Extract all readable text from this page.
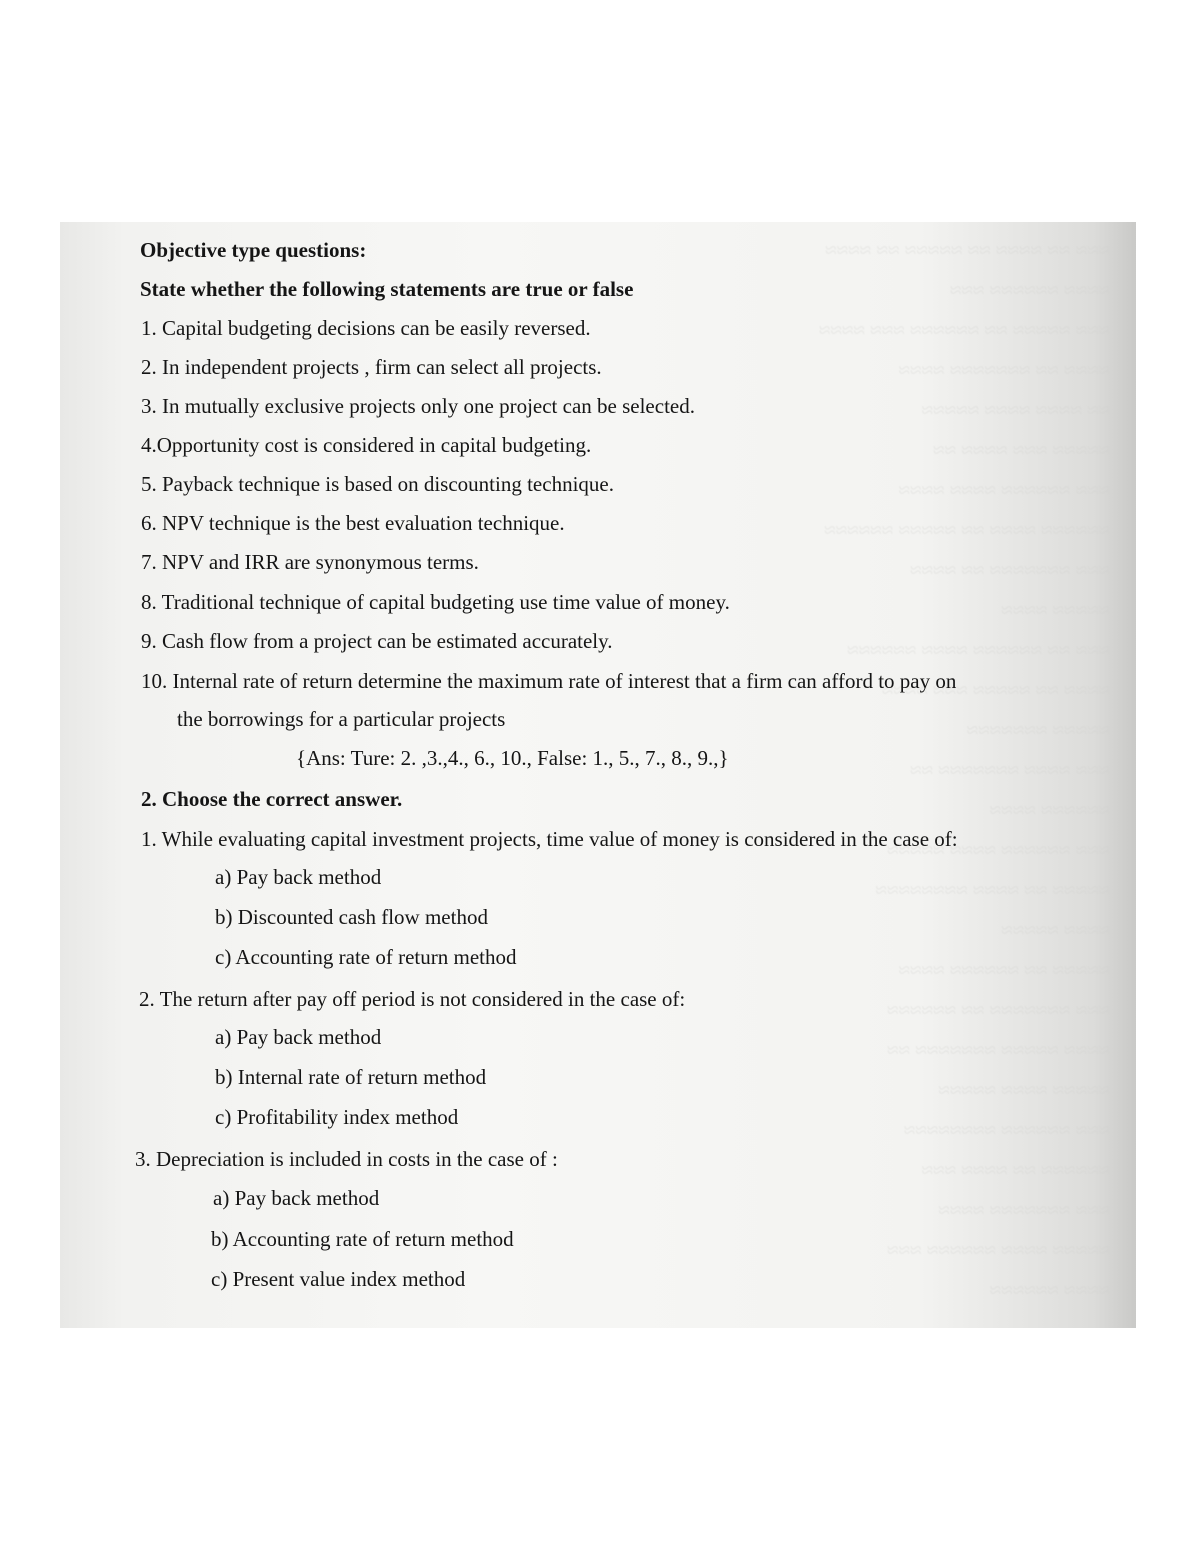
≈≈≈ ≈≈ ≈≈≈≈ ≈≈ ≈≈≈≈≈ ≈≈ ≈≈≈≈
≈≈≈≈ ≈≈≈≈≈≈ ≈≈≈
≈≈≈ ≈≈≈≈≈ ≈≈ ≈≈≈≈≈≈ ≈≈≈ ≈≈≈≈
≈≈≈≈ ≈≈ ≈≈≈≈≈≈≈ ≈≈≈≈
≈≈ ≈≈≈≈ ≈≈≈≈ ≈≈≈≈≈
≈≈≈≈≈ ≈≈≈ ≈≈≈≈ ≈≈
≈≈≈ ≈≈≈≈≈≈ ≈≈≈≈ ≈≈≈≈
≈≈≈≈≈≈ ≈≈≈≈ ≈≈ ≈≈≈≈≈ ≈≈≈≈≈≈
≈≈≈ ≈≈≈≈≈≈≈ ≈≈ ≈≈≈≈
≈≈≈≈≈ ≈≈≈≈
≈≈≈ ≈≈ ≈≈≈≈≈≈ ≈≈≈≈ ≈≈≈≈≈≈
≈≈≈≈ ≈≈ ≈≈≈≈≈ ≈≈≈ ≈≈≈≈
≈≈≈≈≈ ≈≈≈≈≈≈≈
≈≈≈ ≈≈≈≈ ≈≈≈≈≈≈≈ ≈≈
≈≈≈≈≈≈ ≈≈≈≈
≈≈≈ ≈≈≈≈≈≈ ≈≈≈≈ ≈≈≈≈≈
≈≈≈≈≈ ≈≈ ≈≈≈≈ ≈≈≈≈≈≈≈≈
≈≈≈≈ ≈≈≈≈≈
≈≈≈≈≈ ≈≈ ≈≈≈≈≈≈ ≈≈≈≈
≈≈≈ ≈≈≈≈≈≈≈ ≈≈ ≈≈≈≈≈≈
≈≈≈≈ ≈≈≈≈≈ ≈≈≈≈≈≈≈ ≈≈
≈≈≈≈≈ ≈≈≈≈ ≈≈≈≈≈
≈≈≈ ≈≈≈≈≈≈ ≈≈≈≈≈≈≈≈
≈≈≈≈≈≈ ≈≈ ≈≈≈≈ ≈≈≈
≈≈≈ ≈≈≈≈≈≈≈ ≈≈≈≈
≈≈≈≈≈ ≈≈≈≈ ≈≈≈≈≈≈ ≈≈≈
≈≈≈≈ ≈≈≈≈≈≈
Objective type questions:
State whether the following statements are true or false
1. Capital budgeting decisions can be easily reversed.
2. In independent projects , firm can select all projects.
3. In mutually exclusive projects only one project can be selected.
4.Opportunity cost is considered in capital budgeting.
5. Payback technique is based on discounting technique.
6. NPV technique is the best evaluation technique.
7. NPV and IRR are synonymous terms.
8. Traditional technique of capital budgeting use time value of money.
9. Cash flow from a project can be estimated accurately.
10. Internal rate of return determine the maximum rate of interest that a firm can afford to pay on
the borrowings for a particular projects
{Ans: Ture: 2. ,3.,4., 6., 10., False: 1., 5., 7., 8., 9.,}
2. Choose the correct answer.
1. While evaluating capital investment projects, time value of money is considered in the case of:
a) Pay back method
b) Discounted cash flow method
c) Accounting rate of return method
2. The return after pay off period is not considered in the case of:
a) Pay back method
b) Internal rate of return method
c) Profitability index method
3. Depreciation is included in costs in the case of :
a) Pay back method
b) Accounting rate of return method
c) Present value index method
